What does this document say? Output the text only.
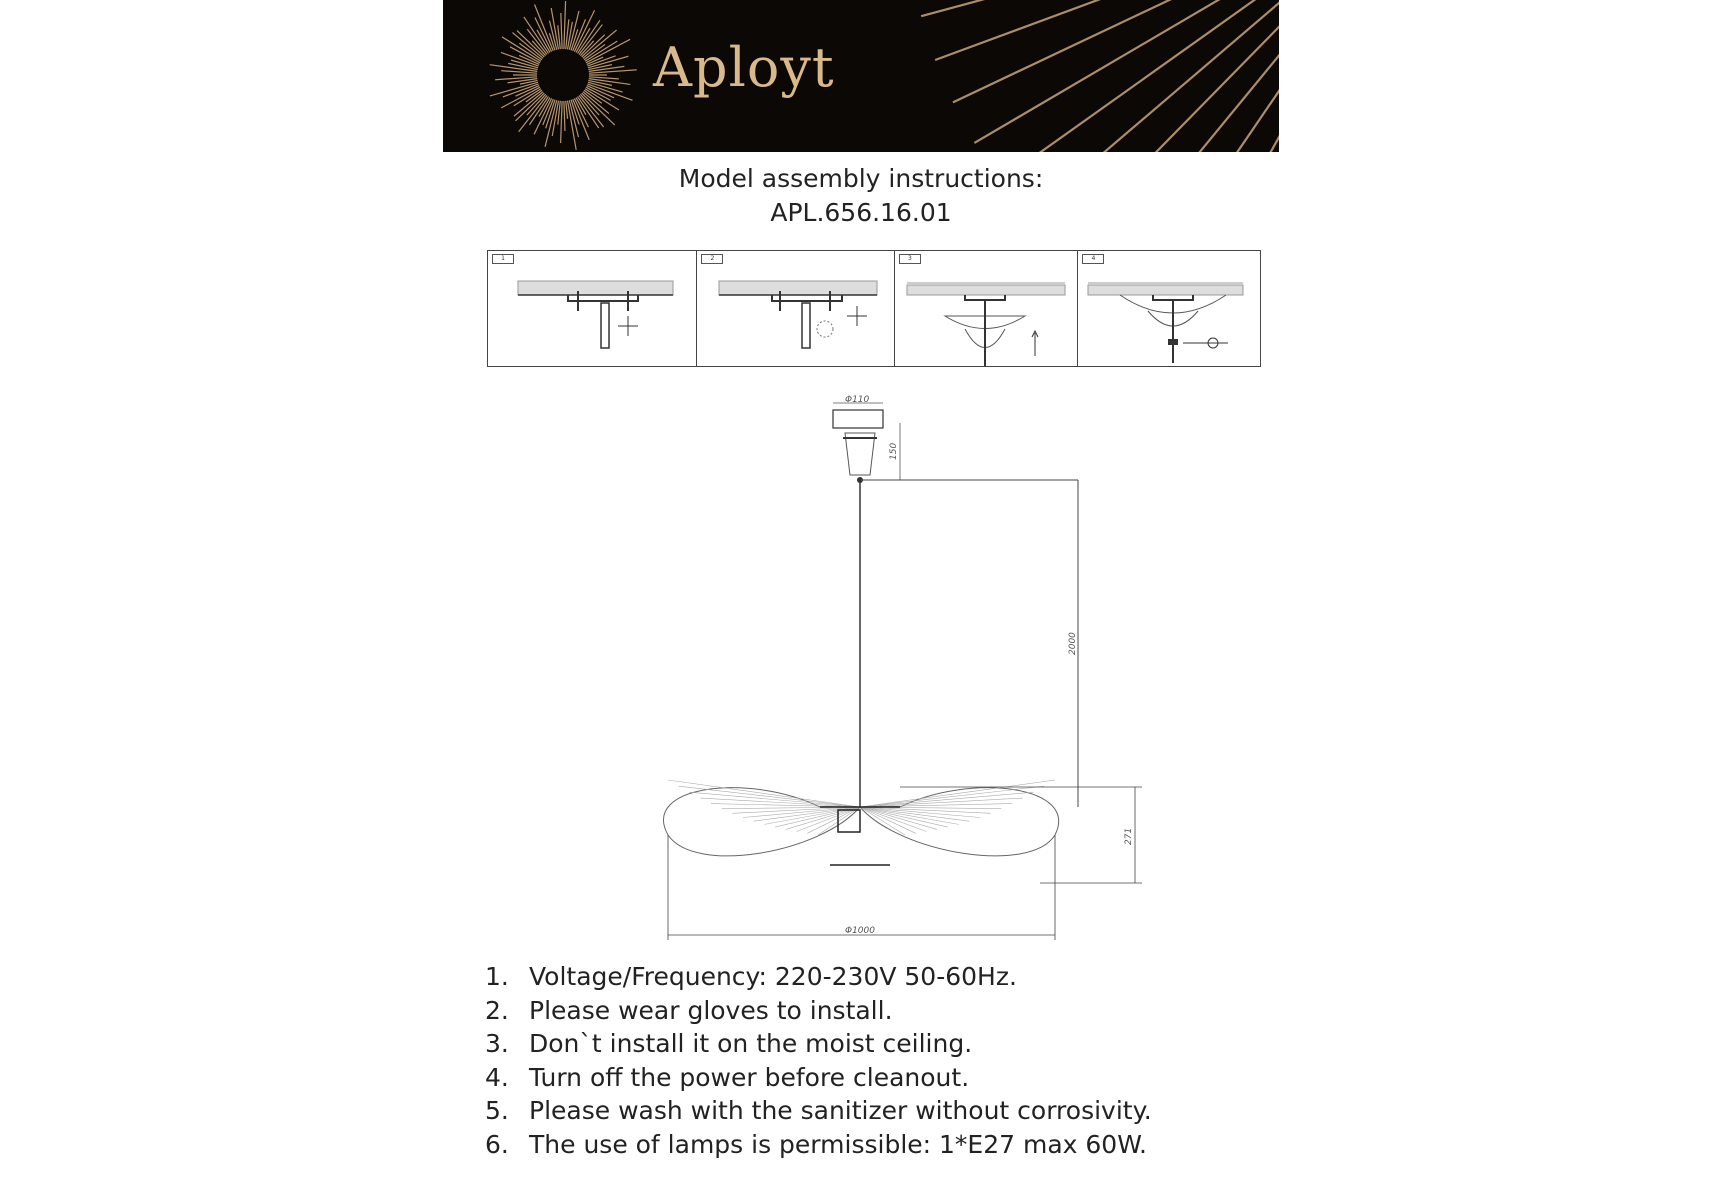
Aployt
Model assembly instructions:
APL.656.16.01
1	2	3	4
Φ110
150
2000
271
Φ1000
1. Voltage/Frequency: 220-230V 50-60Hz.
2. Please wear gloves to install.
3. Don`t install it on the moist ceiling.
4. Turn off the power before cleanout.
5. Please wash with the sanitizer without corrosivity.
6. The use of lamps is permissible: 1*E27 max 60W.
